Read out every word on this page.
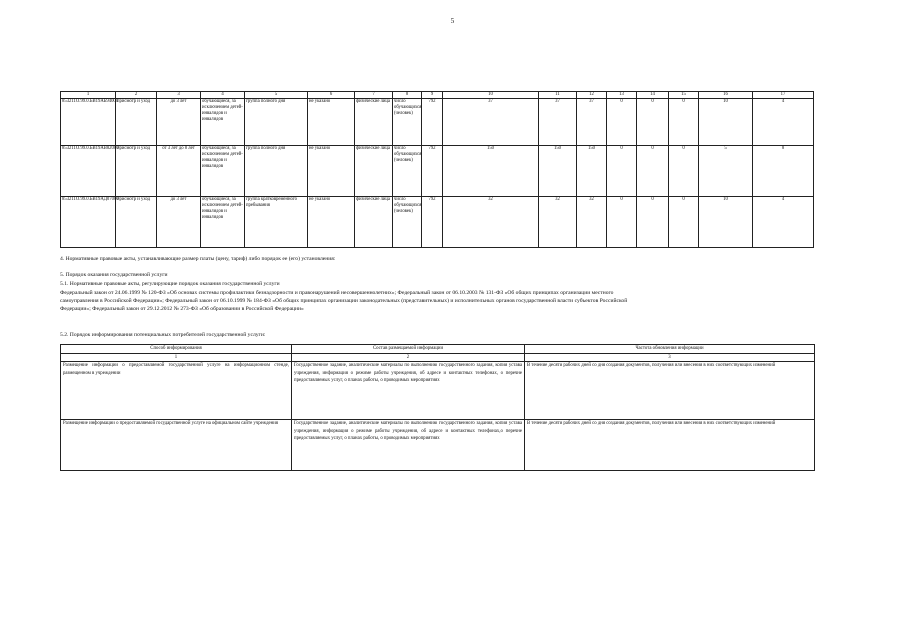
5
1	2	3	4	5	6	7	8	9	10	11	12	13	14	15	16	17
853211О.99.0.БВ19АБ94000	присмотр и уход	до 3 лет	обучающиеся, за исключением детей-инвалидов и инвалидов	группа полного дня	не указано	физические лица	число обучающихся (человек)	792	37	37	37	0	0	0	10	4
853211О.99.0.БВ19АВ82000	присмотр и уход	от 3 лет до 8 лет	обучающиеся, за исключением детей-инвалидов и инвалидов	группа полного дня	не указано	физические лица	число обучающихся (человек)	792	150	150	150	0	0	0	5	8
853211О.99.0.БВ19АД07000	присмотр и уход	до 3 лет	обучающиеся, за исключением детей-инвалидов и инвалидов	группа кратковременного пребывания	не указано	физические лица	число обучающихся (человек)	792	32	32	32	0	0	0	10	4
4. Нормативные правовые акты, устанавливающие размер платы (цену, тариф) либо порядок ее (его) установления:
5. Порядок оказания государственной услуги
5.1. Нормативные правовые акты, регулирующие порядок оказания государственной услуги
Федеральный закон от 24.06.1999 № 120-ФЗ «Об основах системы профилактики безнадзорности и правонарушений несовершеннолетних»; Федеральный закон от 06.10.2003 № 131-ФЗ «Об общих принципах организации местного
самоуправления в Российской Федерации»; Федеральный закон от 06.10.1999 № 184-ФЗ «Об общих принципах организации законодательных (представительных) и исполнительных органов государственной власти субъектов Российской
Федерации»; Федеральный закон от 29.12.2012 № 273-ФЗ «Об образовании в Российской Федерации»
5.2. Порядок информирования потенциальных потребителей государственной услуги:
Способ информирования	Состав размещаемой информации	Частота обновления информации
1	2	3
Размещение информации о предоставляемой государственной услуге на информационном стенде, размещенном в учреждении	Государственное задание, аналитические материалы по выполнению государственного задания, копия устава учреждения, информация о режиме работы учреждения, об адресе и контактных телефонах, о перечне предоставляемых услуг, о планах работы, о проводимых мероприятиях	В течение десяти рабочих дней со дня создания документов, получения или внесения в них соответствующих изменений
Размещение информации о предоставляемой государственной услуге на официальном сайте учреждения	Государственное задание, аналитические материалы по выполнению государственного задания, копия устава учреждения, информация о режиме работы учреждения, об адресе и контактных телефонах,о перечне предоставляемых услуг, о планах работы, о проводимых мероприятиях	В течение десяти рабочих дней со дня создания документов, получения или внесения в них соответствующих изменений
